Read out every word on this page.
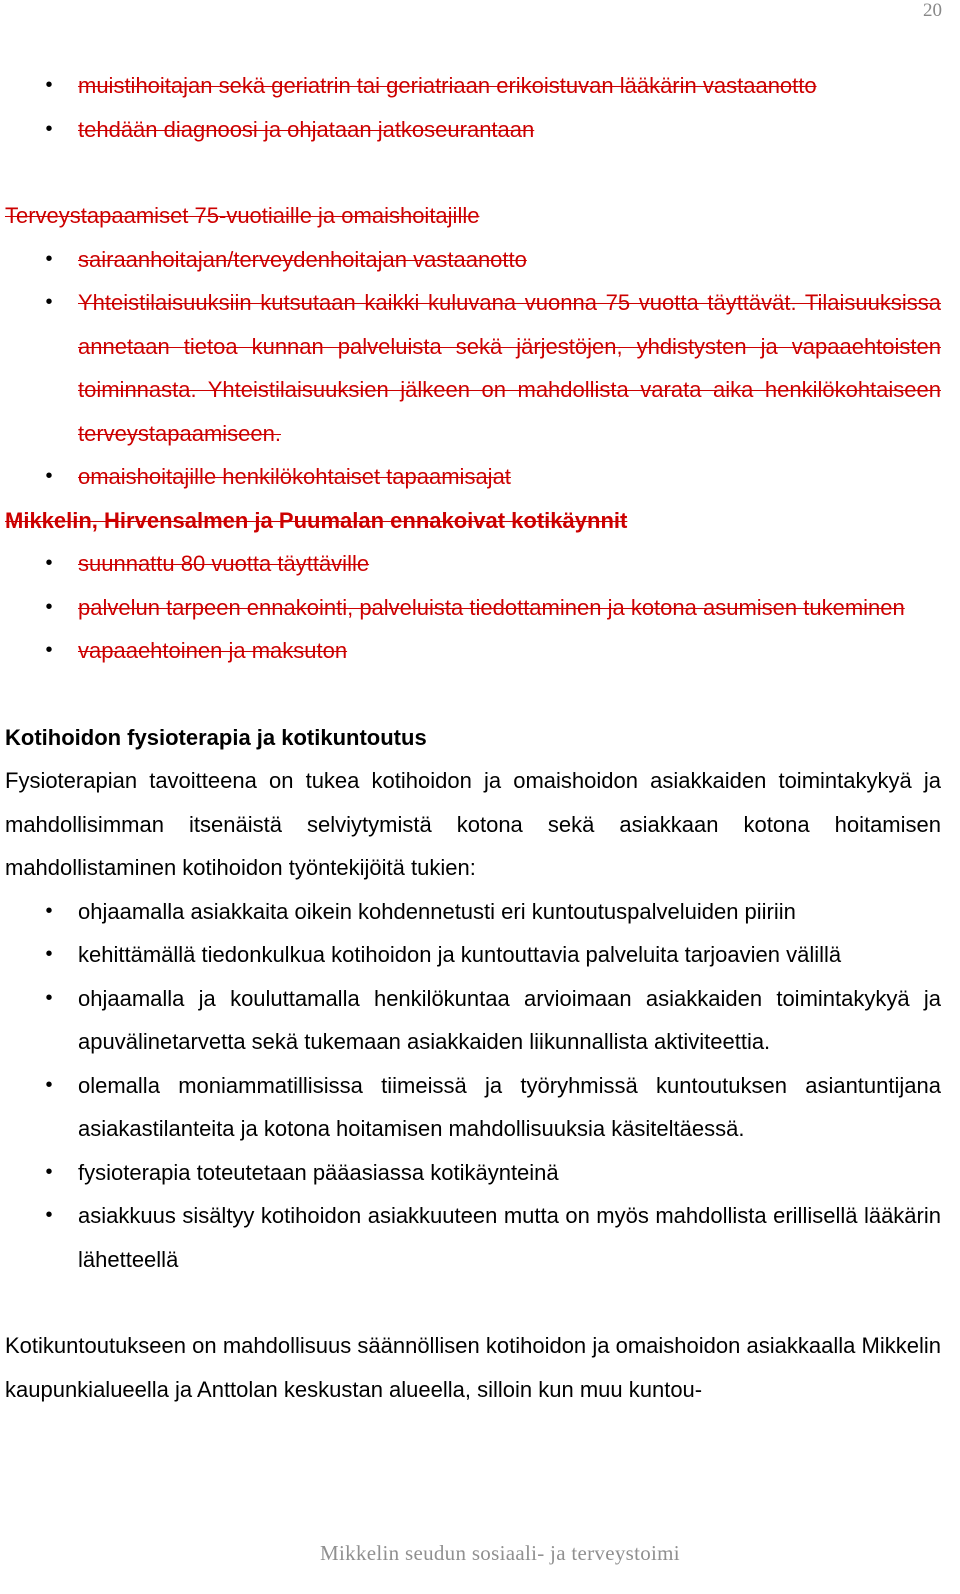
20
• muistihoitajan sekä geriatrin tai geriatriaan erikoistuvan lääkärin vastaanotto
• tehdään diagnoosi ja ohjataan jatkoseurantaan

Terveystapaamiset 75-vuotiaille ja omaishoitajille

• sairaanhoitajan/terveydenhoitajan vastaanotto
• Yhteistilaisuuksiin kutsutaan kaikki kuluvana vuonna 75 vuotta täyttävät. Tilaisuuksissa annetaan tietoa kunnan palveluista sekä järjestöjen, yhdistysten ja vapaaehtoisten toiminnasta. Yhteistilaisuuksien jälkeen on mahdollista varata aika henkilökohtaiseen terveystapaamiseen.
• omaishoitajille henkilökohtaiset tapaamisajat

Mikkelin, Hirvensalmen ja Puumalan ennakoivat kotikäynnit

• suunnattu 80 vuotta täyttäville
• palvelun tarpeen ennakointi, palveluista tiedottaminen ja kotona asumisen tukeminen
• vapaaehtoinen ja maksuton

Kotihoidon fysioterapia ja kotikuntoutus

Fysioterapian tavoitteena on tukea kotihoidon ja omaishoidon asiakkaiden toimintakykyä ja mahdollisimman itsenäistä selviytymistä kotona sekä asiakkaan kotona hoitamisen mahdollistaminen kotihoidon työntekijöitä tukien:

• ohjaamalla asiakkaita oikein kohdennetusti eri kuntoutuspalveluiden piiriin
• kehittämällä tiedonkulkua kotihoidon ja kuntouttavia palveluita tarjoavien välillä
• ohjaamalla ja kouluttamalla henkilökuntaa arvioimaan asiakkaiden toimintakykyä ja apuvälinetarvetta sekä tukemaan asiakkaiden liikunnallista aktiviteettia.
• olemalla moniammatillisissa tiimeissä ja työryhmissä kuntoutuksen asiantuntijana asiakastilanteita ja kotona hoitamisen mahdollisuuksia käsiteltäessä.
• fysioterapia toteutetaan pääasiassa kotikäynteinä
• asiakkuus sisältyy kotihoidon asiakkuuteen mutta on myös mahdollista erillisellä lääkärin lähetteellä

Kotikuntoutukseen on mahdollisuus säännöllisen kotihoidon ja omaishoidon asiakkaalla Mikkelin kaupunkialueella ja Anttolan keskustan alueella, silloin kun muu kuntou-

Mikkelin seudun sosiaali- ja terveystoimi
